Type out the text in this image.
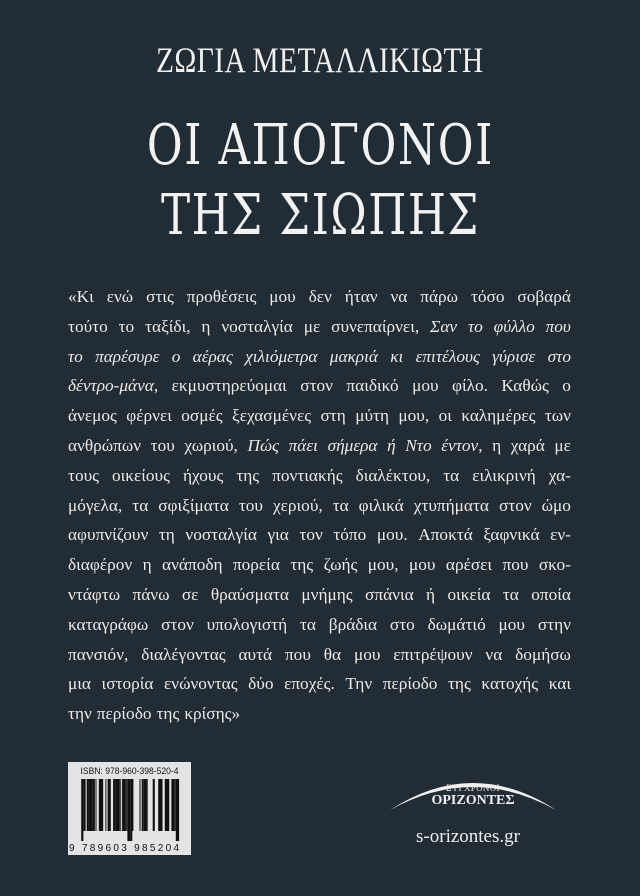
ΖΩΓΙΑ ΜΕΤΑΛΛΙΚΙΩΤΗ
ΟΙ ΑΠΟΓΟΝΟΙ
ΤΗΣ ΣΙΩΠΗΣ
«Κι ενώ στις προθέσεις μου δεν ήταν να πάρω τόσο σοβαρά
τούτο το ταξίδι, η νοσταλγία με συνεπαίρνει, Σαν το φύλλο που
το παρέσυρε ο αέρας χιλιόμετρα μακριά κι επιτέλους γύρισε στο
δέντρο-μάνα, εκμυστηρεύομαι στον παιδικό μου φίλο. Καθώς ο
άνεμος φέρνει οσμές ξεχασμένες στη μύτη μου, οι καλημέρες των
ανθρώπων του χωριού, Πώς πάει σήμερα ή Ντο έντον, η χαρά με
τους οικείους ήχους της ποντιακής διαλέκτου, τα ειλικρινή χα-
μόγελα, τα σφιξίματα του χεριού, τα φιλικά χτυπήματα στον ώμο
αφυπνίζουν τη νοσταλγία για τον τόπο μου. Αποκτά ξαφνικά εν-
διαφέρον η ανάποδη πορεία της ζωής μου, μου αρέσει που σκο-
ντάφτω πάνω σε θραύσματα μνήμης σπάνια ή οικεία τα οποία
καταγράφω στον υπολογιστή τα βράδια στο δωμάτιό μου στην
πανσιόν, διαλέγοντας αυτά που θα μου επιτρέψουν να δομήσω
μια ιστορία ενώνοντας δύο εποχές. Την περίοδο της κατοχής και
την περίοδο της κρίσης»
ISBN: 978-960-398-520-4
9 789603 985204
ΣΥΓΧΡΟΝΟΙ
ΟΡΙΖΟΝΤΕΣ
s-orizontes.gr
